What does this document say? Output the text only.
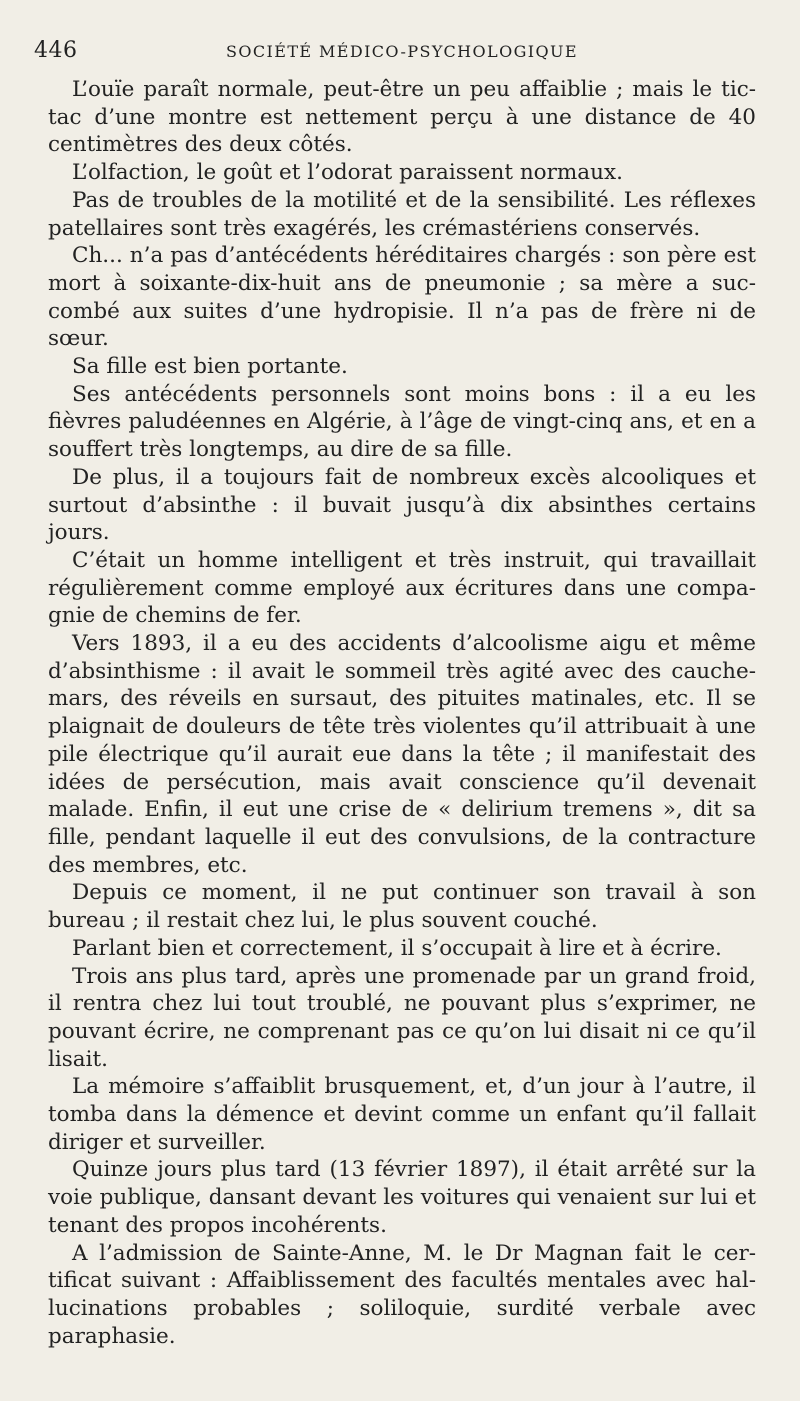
446	SOCIÉTÉ MÉDICO-PSYCHOLOGIQUE

L’ouïe paraît normale, peut-être un peu affaiblie ; mais le tic-tac d’une montre est nettement perçu à une distance de 40 centimètres des deux côtés.

L’olfaction, le goût et l’odorat paraissent normaux.

Pas de troubles de la motilité et de la sensibilité. Les réflexes patellaires sont très exagérés, les crémastériens conservés.

Ch... n’a pas d’antécédents héréditaires chargés : son père est mort à soixante-dix-huit ans de pneumonie ; sa mère a succombé aux suites d’une hydropisie. Il n’a pas de frère ni de sœur.

Sa fille est bien portante.

Ses antécédents personnels sont moins bons : il a eu les fièvres paludéennes en Algérie, à l’âge de vingt-cinq ans, et en a souffert très longtemps, au dire de sa fille.

De plus, il a toujours fait de nombreux excès alcooliques et surtout d’absinthe : il buvait jusqu’à dix absinthes certains jours.

C’était un homme intelligent et très instruit, qui travaillait régulièrement comme employé aux écritures dans une compagnie de chemins de fer.

Vers 1893, il a eu des accidents d’alcoolisme aigu et même d’absinthisme : il avait le sommeil très agité avec des cauchemars, des réveils en sursaut, des pituites matinales, etc. Il se plaignait de douleurs de tête très violentes qu’il attribuait à une pile électrique qu’il aurait eue dans la tête ; il manifestait des idées de persécution, mais avait conscience qu’il devenait malade. Enfin, il eut une crise de « delirium tremens », dit sa fille, pendant laquelle il eut des convulsions, de la contracture des membres, etc.

Depuis ce moment, il ne put continuer son travail à son bureau ; il restait chez lui, le plus souvent couché.

Parlant bien et correctement, il s’occupait à lire et à écrire.

Trois ans plus tard, après une promenade par un grand froid, il rentra chez lui tout troublé, ne pouvant plus s’exprimer, ne pouvant écrire, ne comprenant pas ce qu’on lui disait ni ce qu’il lisait.

La mémoire s’affaiblit brusquement, et, d’un jour à l’autre, il tomba dans la démence et devint comme un enfant qu’il fallait diriger et surveiller.

Quinze jours plus tard (13 février 1897), il était arrêté sur la voie publique, dansant devant les voitures qui venaient sur lui et tenant des propos incohérents.

A l’admission de Sainte-Anne, M. le Dr Magnan fait le certificat suivant : Affaiblissement des facultés mentales avec hallucinations probables ; soliloquie, surdité verbale avec paraphasie.
